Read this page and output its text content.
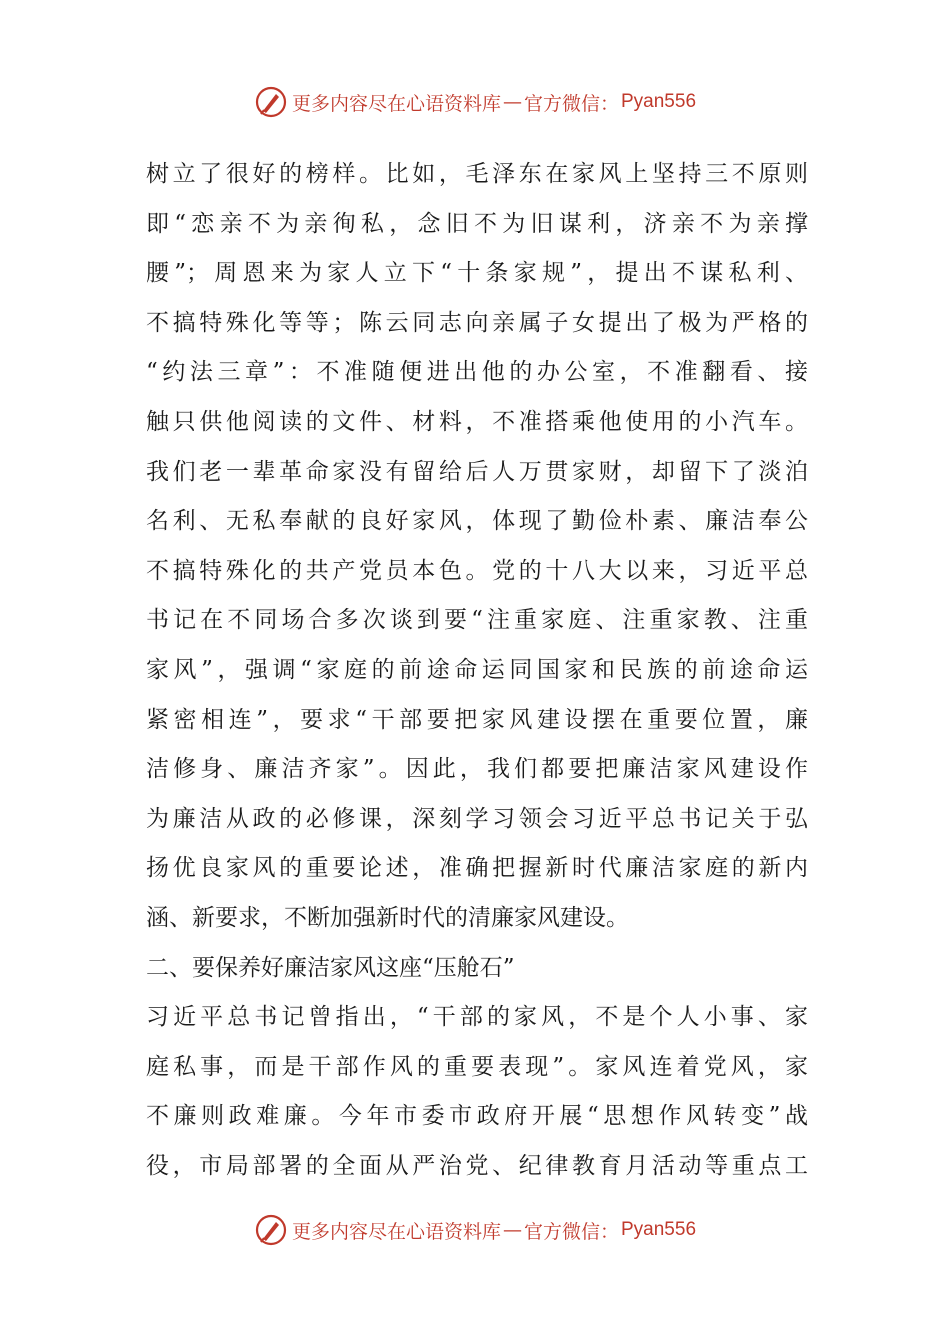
更多内容尽在心语资料库 — 官方微信： Pyan556
树立了很好的榜样。比如，毛泽东在家风上坚持三不原则
即“恋亲不为亲徇私，念旧不为旧谋利，济亲不为亲撑
腰”；周恩来为家人立下“十条家规”，提出不谋私利、
不搞特殊化等等；陈云同志向亲属子女提出了极为严格的
“约法三章”：不准随便进出他的办公室，不准翻看、接
触只供他阅读的文件、材料，不准搭乘他使用的小汽车。
我们老一辈革命家没有留给后人万贯家财，却留下了淡泊
名利、无私奉献的良好家风，体现了勤俭朴素、廉洁奉公
不搞特殊化的共产党员本色。党的十八大以来，习近平总
书记在不同场合多次谈到要“注重家庭、注重家教、注重
家风”，强调“家庭的前途命运同国家和民族的前途命运
紧密相连”，要求“干部要把家风建设摆在重要位置，廉
洁修身、廉洁齐家”。因此，我们都要把廉洁家风建设作
为廉洁从政的必修课，深刻学习领会习近平总书记关于弘
扬优良家风的重要论述，准确把握新时代廉洁家庭的新内
涵、新要求，不断加强新时代的清廉家风建设。
二、要保养好廉洁家风这座“压舱石”
习近平总书记曾指出，“干部的家风，不是个人小事、家
庭私事，而是干部作风的重要表现”。家风连着党风，家
不廉则政难廉。今年市委市政府开展“思想作风转变”战
役，市局部署的全面从严治党、纪律教育月活动等重点工
更多内容尽在心语资料库 — 官方微信： Pyan556
